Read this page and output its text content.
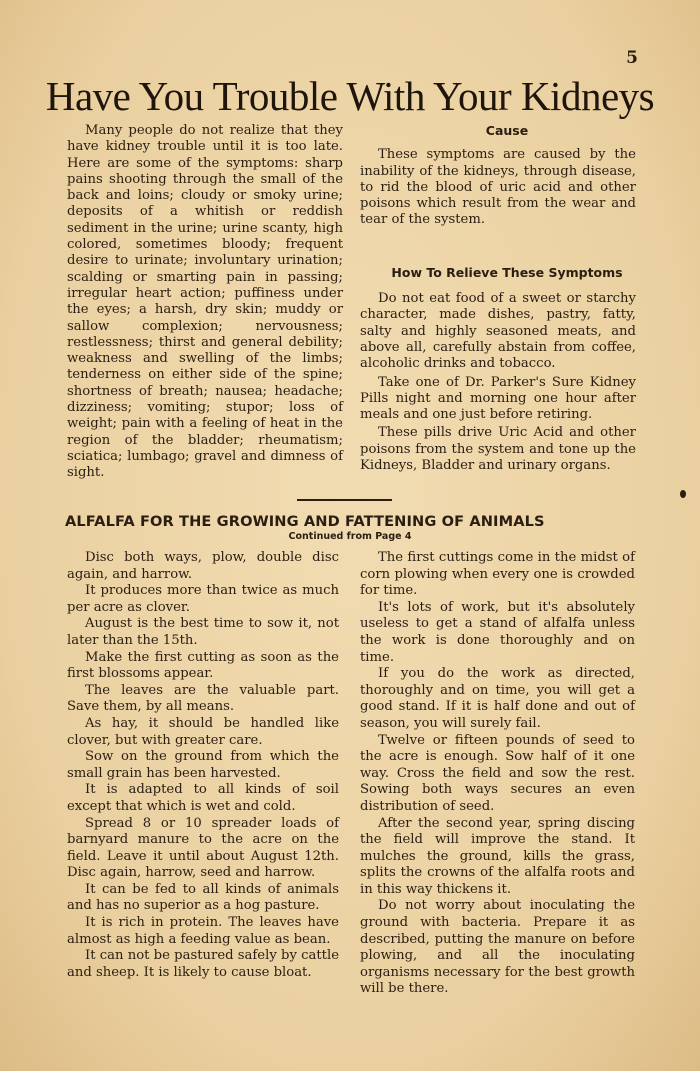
5
Have You Trouble With Your Kidneys

Many people do not realize that they have kidney trouble until it is too late. Here are some of the symptoms: sharp pains shooting through the small of the back and loins; cloudy or smoky urine; deposits of a whitish or reddish sediment in the urine; urine scanty, high colored, sometimes bloody; frequent desire to urinate; involuntary urination; scalding or smarting pain in passing; irregular heart action; puffiness under the eyes; a harsh, dry skin; muddy or sallow complexion; nervousness; restlessness; thirst and general debility; weakness and swelling of the limbs; tenderness on either side of the spine; shortness of breath; nausea; headache; dizziness; vomiting; stupor; loss of weight; pain with a feeling of heat in the region of the bladder; rheumatism; sciatica; lumbago; gravel and dimness of sight.

Cause

These symptoms are caused by the inability of the kidneys, through disease, to rid the blood of uric acid and other poisons which result from the wear and tear of the system.

How To Relieve These Symptoms

Do not eat food of a sweet or starchy character, made dishes, pastry, fatty, salty and highly seasoned meats, and above all, carefully abstain from coffee, alcoholic drinks and tobacco.

Take one of Dr. Parker's Sure Kidney Pills night and morning one hour after meals and one just before retiring.

These pills drive Uric Acid and other poisons from the system and tone up the Kidneys, Bladder and urinary organs.

ALFALFA FOR THE GROWING AND FATTENING OF ANIMALS
Continued from Page 4

Disc both ways, plow, double disc again, and harrow.

It produces more than twice as much per acre as clover.

August is the best time to sow it, not later than the 15th.

Make the first cutting as soon as the first blossoms appear.

The leaves are the valuable part. Save them, by all means.

As hay, it should be handled like clover, but with greater care.

Sow on the ground from which the small grain has been harvested.

It is adapted to all kinds of soil except that which is wet and cold.

Spread 8 or 10 spreader loads of barnyard manure to the acre on the field. Leave it until about August 12th. Disc again, harrow, seed and harrow.

It can be fed to all kinds of animals and has no superior as a hog pasture.

It is rich in protein. The leaves have almost as high a feeding value as bean.

It can not be pastured safely by cattle and sheep. It is likely to cause bloat.

The first cuttings come in the midst of corn plowing when every one is crowded for time.

It's lots of work, but it's absolutely useless to get a stand of alfalfa unless the work is done thoroughly and on time.

If you do the work as directed, thoroughly and on time, you will get a good stand. If it is half done and out of season, you will surely fail.

Twelve or fifteen pounds of seed to the acre is enough. Sow half of it one way. Cross the field and sow the rest. Sowing both ways secures an even distribution of seed.

After the second year, spring discing the field will improve the stand. It mulches the ground, kills the grass, splits the crowns of the alfalfa roots and in this way thickens it.

Do not worry about inoculating the ground with bacteria. Prepare it as described, putting the manure on before plowing, and all the inoculating organisms necessary for the best growth will be there.
